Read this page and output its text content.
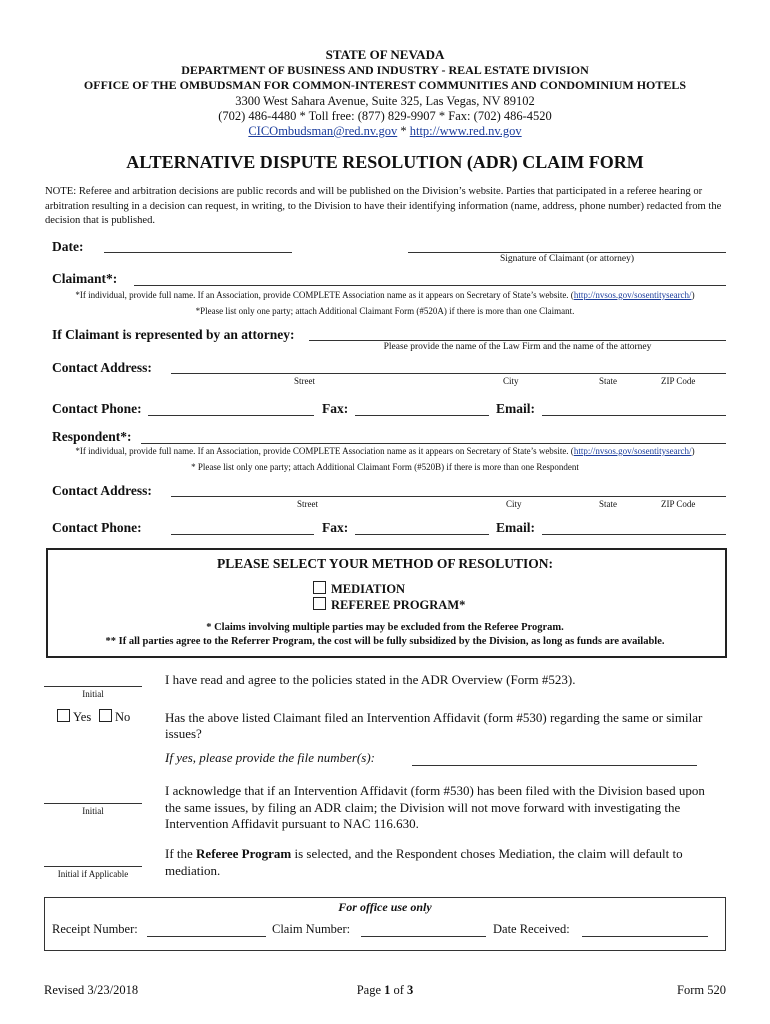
STATE OF NEVADA
DEPARTMENT OF BUSINESS AND INDUSTRY - REAL ESTATE DIVISION
OFFICE OF THE OMBUDSMAN FOR COMMON-INTEREST COMMUNITIES AND CONDOMINIUM HOTELS
3300 West Sahara Avenue, Suite 325, Las Vegas, NV 89102
(702) 486-4480 * Toll free: (877) 829-9907 * Fax: (702) 486-4520
CICOmbudsman@red.nv.gov * http://www.red.nv.gov
ALTERNATIVE DISPUTE RESOLUTION (ADR) CLAIM FORM
NOTE: Referee and arbitration decisions are public records and will be published on the Division’s website. Parties that participated in a referee hearing or arbitration resulting in a decision can request, in writing, to the Division to have their identifying information (name, address, phone number) redacted from the decision that is published.
Date:
Signature of Claimant (or attorney)
Claimant*:
*If individual, provide full name. If an Association, provide COMPLETE Association name as it appears on Secretary of State’s website. (http://nvsos.gov/sosentitysearch/)
*Please list only one party; attach Additional Claimant Form (#520A) if there is more than one Claimant.
If Claimant is represented by an attorney:
Please provide the name of the Law Firm and the name of the attorney
Contact Address:
Street	City	State	ZIP Code
Contact Phone:	Fax:	Email:
Respondent*:
*If individual, provide full name. If an Association, provide COMPLETE Association name as it appears on Secretary of State’s website. (http://nvsos.gov/sosentitysearch/)
* Please list only one party; attach Additional Claimant Form (#520B) if there is more than one Respondent
Contact Address:
Street	City	State	ZIP Code
Contact Phone:	Fax:	Email:
PLEASE SELECT YOUR METHOD OF RESOLUTION:
MEDIATION
REFEREE PROGRAM*
* Claims involving multiple parties may be excluded from the Referee Program.
** If all parties agree to the Referrer Program, the cost will be fully subsidized by the Division, as long as funds are available.
Initial
I have read and agree to the policies stated in the ADR Overview (Form #523).
Yes	No	Has the above listed Claimant filed an Intervention Affidavit (form #530) regarding the same or similar issues?
If yes, please provide the file number(s):
Initial
I acknowledge that if an Intervention Affidavit (form #530) has been filed with the Division based upon the same issues, by filing an ADR claim; the Division will not move forward with investigating the Intervention Affidavit pursuant to NAC 116.630.
Initial if Applicable
If the Referee Program is selected, and the Respondent choses Mediation, the claim will default to mediation.
For office use only
Receipt Number:	Claim Number:	Date Received:
Revised 3/23/2018	Page 1 of 3	Form 520
